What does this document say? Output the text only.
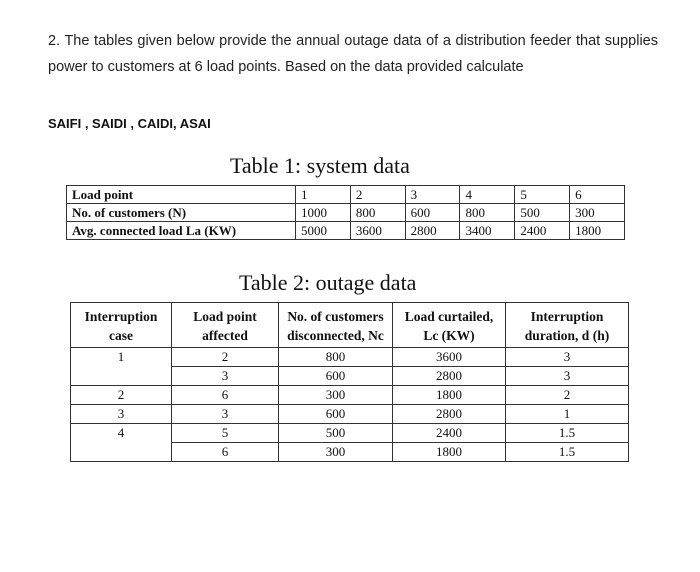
2. The tables given below provide the annual outage data of a distribution feeder that supplies power to customers at 6 load points. Based on the data provided calculate
SAIFI , SAIDI , CAIDI, ASAI
Table 1: system data
Load point	1	2	3	4	5	6
No. of customers (N)	1000	800	600	800	500	300
Avg. connected load La (KW)	5000	3600	2800	3400	2400	1800
Table 2: outage data
Interruption case	Load point affected	No. of customers disconnected, Nc	Load curtailed, Lc (KW)	Interruption duration, d (h)
1	2	800	3600	3
	3	600	2800	3
2	6	300	1800	2
3	3	600	2800	1
4	5	500	2400	1.5
	6	300	1800	1.5
